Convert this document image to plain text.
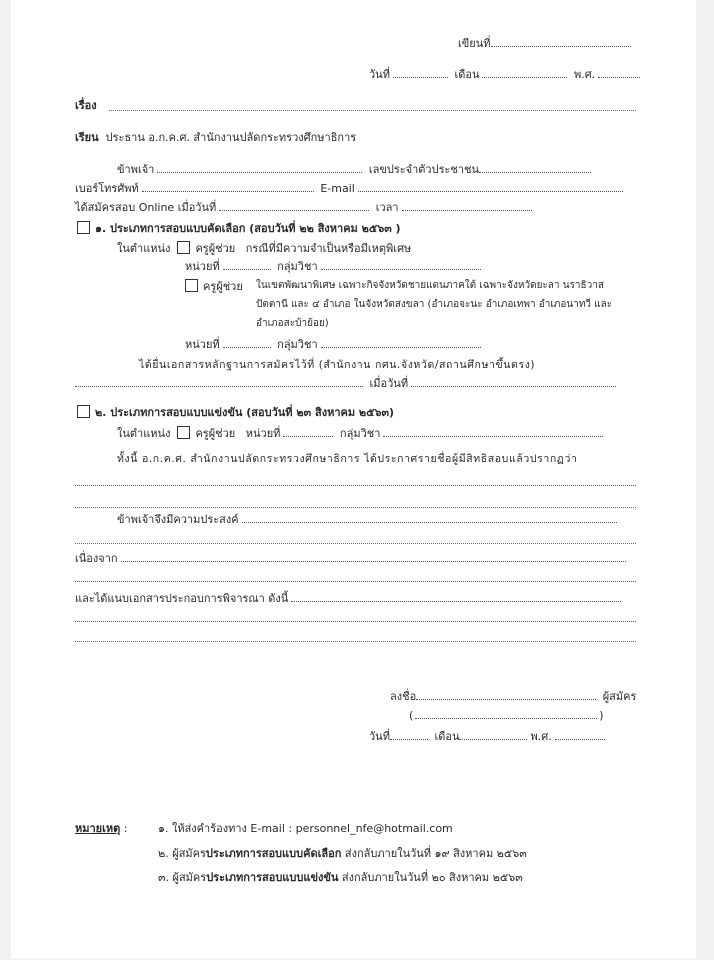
เขียนที่
วันที่	เดือน	พ.ศ.
เรื่อง
เรียน ประธาน อ.ก.ค.ศ. สำนักงานปลัดกระทรวงศึกษาธิการ
ข้าพเจ้า	เลขประจำตัวประชาชน
เบอร์โทรศัพท์	E-mail
ได้สมัครสอบ Online เมื่อวันที่	เวลา
๑. ประเภทการสอบแบบคัดเลือก (สอบวันที่ ๒๒ สิงหาคม ๒๕๖๓ )
ในตำแหน่ง ครูผู้ช่วย กรณีที่มีความจำเป็นหรือมีเหตุพิเศษ
หน่วยที่	กลุ่มวิชา
ครูผู้ช่วย ในเขตพัฒนาพิเศษ เฉพาะกิจจังหวัดชายแดนภาคใต้ เฉพาะจังหวัดยะลา นราธิวาส
ปัตตานี และ ๔ อำเภอ ในจังหวัดสงขลา (อำเภอจะนะ อำเภอเทพา อำเภอนาทวี และ
อำเภอสะบ้าย้อย)
หน่วยที่	กลุ่มวิชา
ได้ยื่นเอกสารหลักฐานการสมัครไว้ที่ (สำนักงาน กศน.จังหวัด/สถานศึกษาขึ้นตรง)
เมื่อวันที่
๒. ประเภทการสอบแบบแข่งขัน (สอบวันที่ ๒๓ สิงหาคม ๒๕๖๓)
ในตำแหน่ง ครูผู้ช่วย หน่วยที่	กลุ่มวิชา
ทั้งนี้ อ.ก.ค.ศ. สำนักงานปลัดกระทรวงศึกษาธิการ ได้ประกาศรายชื่อผู้มีสิทธิสอบแล้วปรากฏว่า
ข้าพเจ้าจึงมีความประสงค์
เนื่องจาก
และได้แนบเอกสารประกอบการพิจารณา ดังนี้
ลงชื่อ	ผู้สมัคร
(	)
วันที่	เดือน	พ.ศ.
หมายเหตุ :	๑. ให้ส่งคำร้องทาง E-mail : personnel_nfe@hotmail.com
๒. ผู้สมัครประเภทการสอบแบบคัดเลือก ส่งกลับภายในวันที่ ๑๙ สิงหาคม ๒๕๖๓
๓. ผู้สมัครประเภทการสอบแบบแข่งขัน ส่งกลับภายในวันที่ ๒๐ สิงหาคม ๒๕๖๓
